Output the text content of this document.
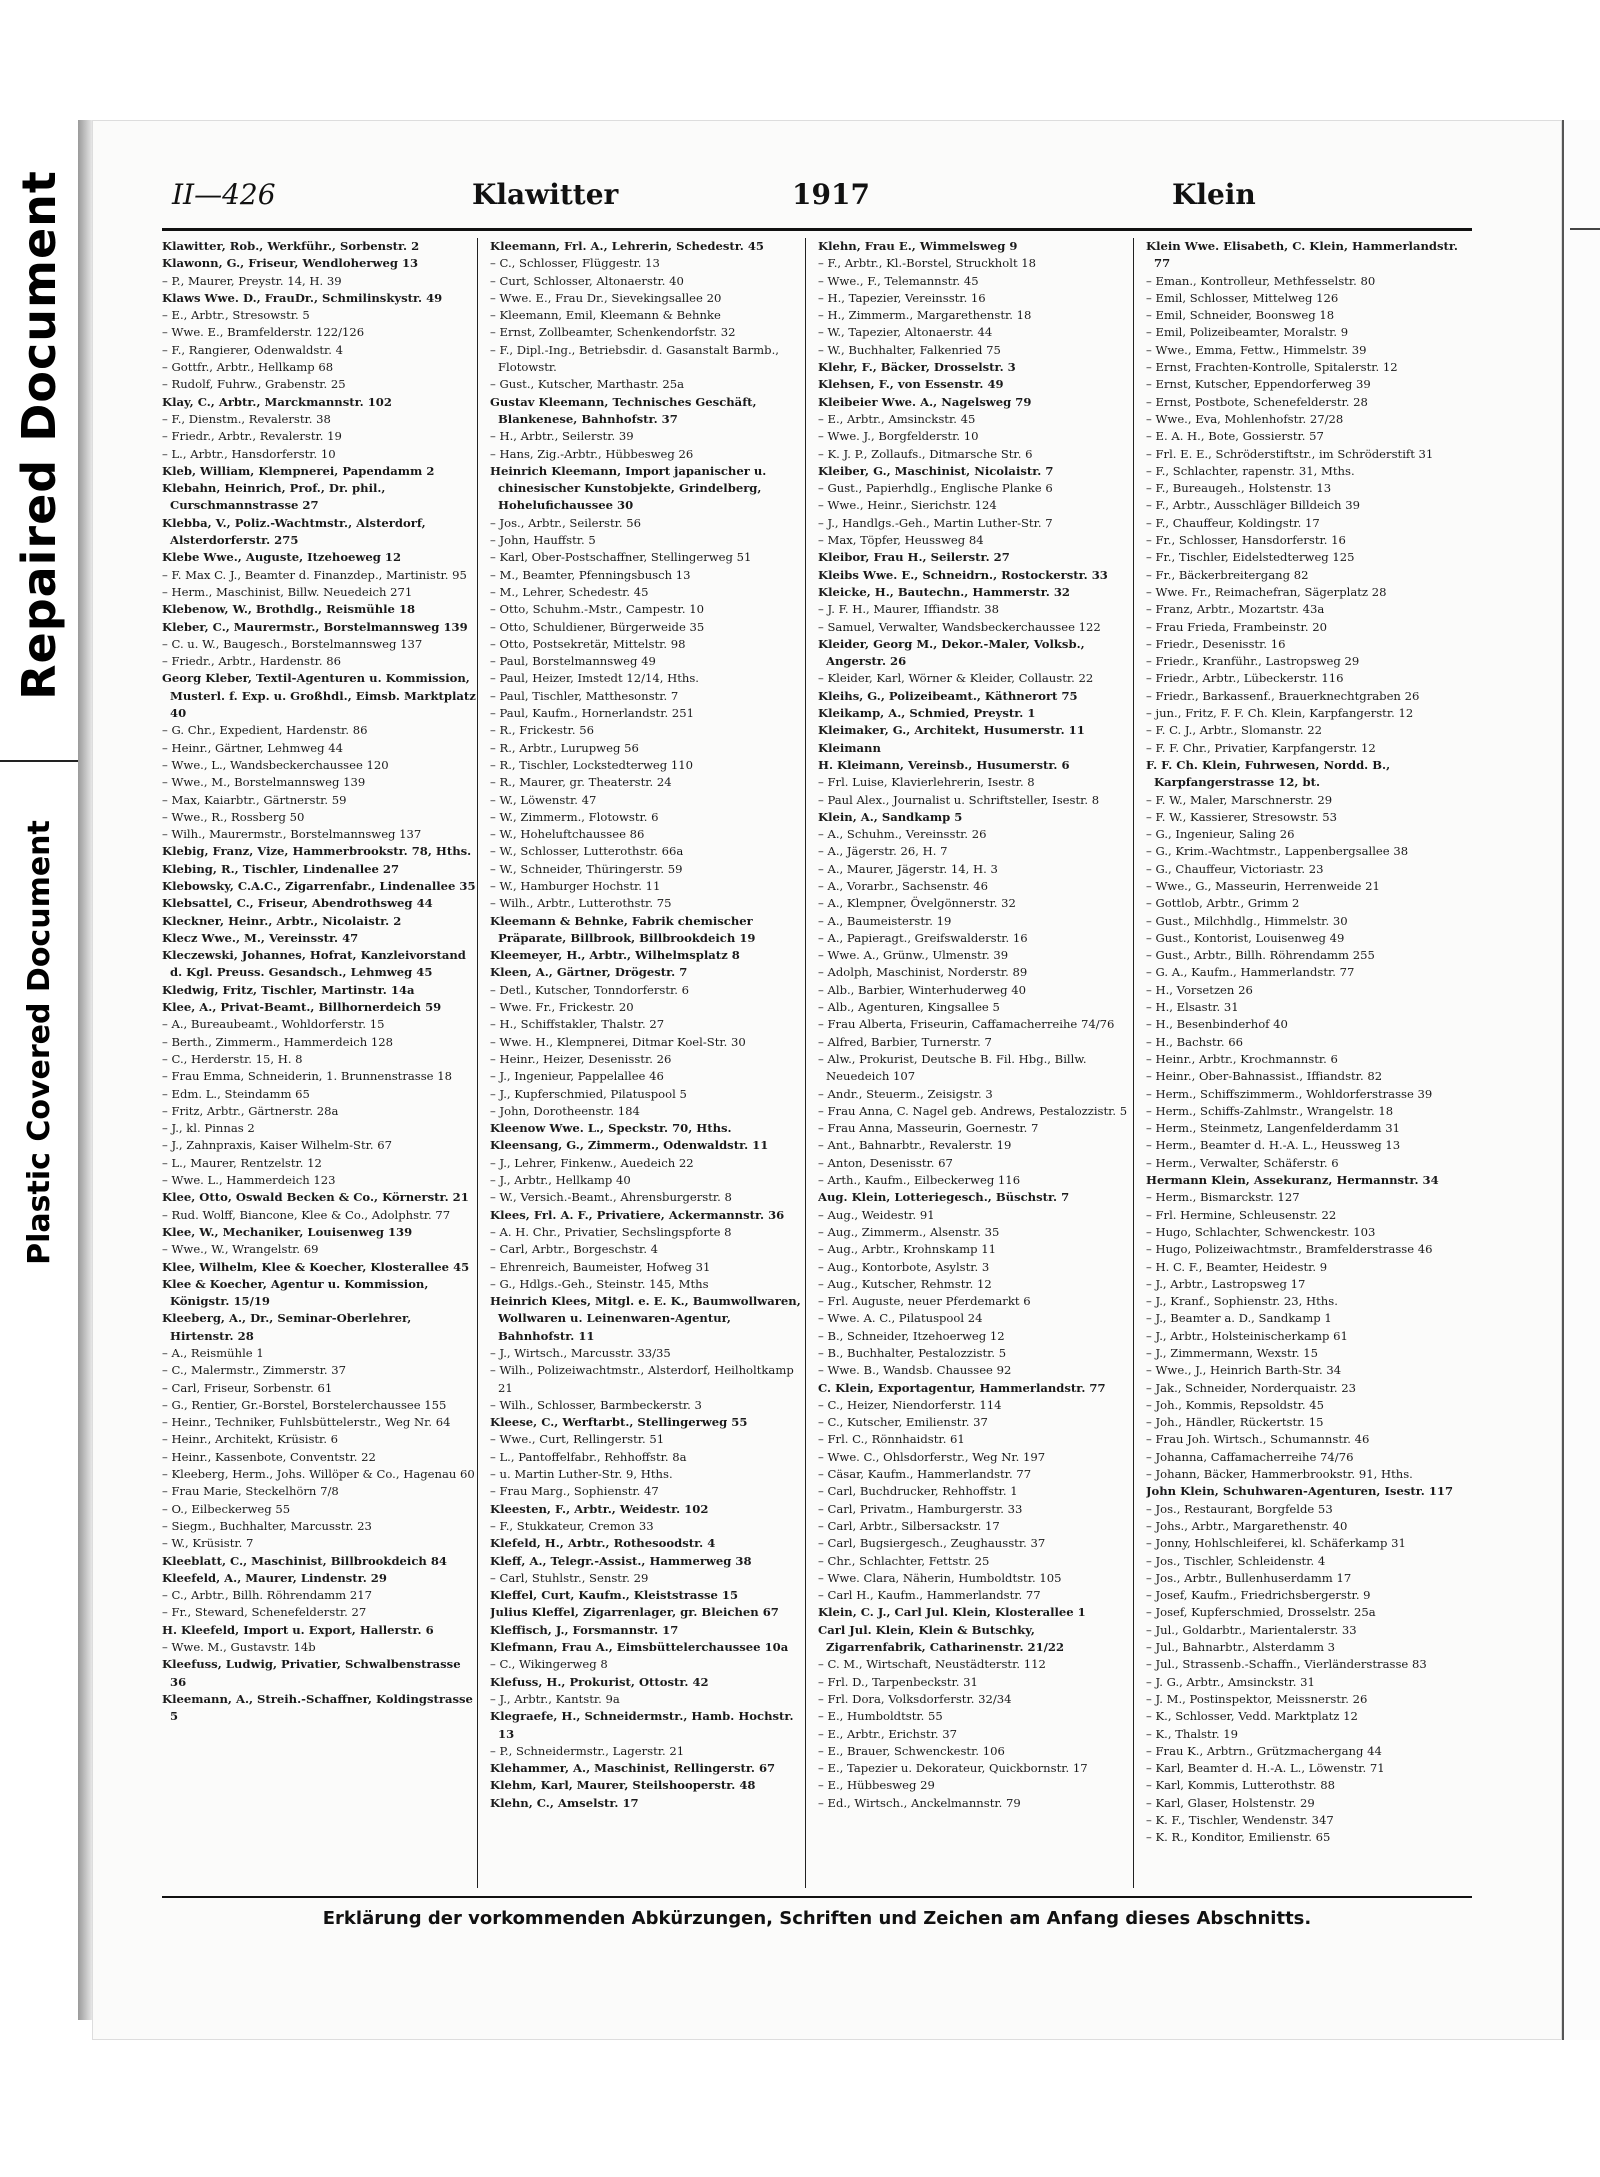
Repaired Document
Plastic Covered Document
II—426	Klawitter	1917	Klein

Klawitter, Rob., Werkführ., Sorbenstr. 2

Klawonn, G., Friseur, Wendloherweg 13

– P., Maurer, Preystr. 14, H. 39

Klaws Wwe. D., FrauDr., Schmilinskystr. 49

– E., Arbtr., Stresowstr. 5

– Wwe. E., Bramfelderstr. 122/126

– F., Rangierer, Odenwaldstr. 4

– Gottfr., Arbtr., Hellkamp 68

– Rudolf, Fuhrw., Grabenstr. 25

Klay, C., Arbtr., Marckmannstr. 102

– F., Dienstm., Revalerstr. 38

– Friedr., Arbtr., Revalerstr. 19

– L., Arbtr., Hansdorferstr. 10

Kleb, William, Klempnerei, Papendamm 2

Klebahn, Heinrich, Prof., Dr. phil., Curschmannstrasse 27

Klebba, V., Poliz.-Wachtmstr., Alsterdorf, Alsterdorferstr. 275

Klebe Wwe., Auguste, Itzehoeweg 12

– F. Max C. J., Beamter d. Finanzdep., Martinistr. 95

– Herm., Maschinist, Billw. Neuedeich 271

Klebenow, W., Brothdlg., Reismühle 18

Kleber, C., Maurermstr., Borstelmannsweg 139

– C. u. W., Baugesch., Borstelmannsweg 137

– Friedr., Arbtr., Hardenstr. 86

Georg Kleber, Textil-Agenturen u. Kommission, Musterl. f. Exp. u. Großhdl., Eimsb. Marktplatz 40

– G. Chr., Expedient, Hardenstr. 86

– Heinr., Gärtner, Lehmweg 44

– Wwe., L., Wandsbeckerchaussee 120

– Wwe., M., Borstelmannsweg 139

– Max, Kaiarbtr., Gärtnerstr. 59

– Wwe., R., Rossberg 50

– Wilh., Maurermstr., Borstelmannsweg 137

Klebig, Franz, Vize, Hammerbrookstr. 78, Hths.

Klebing, R., Tischler, Lindenallee 27

Klebowsky, C.A.C., Zigarrenfabr., Lindenallee 35

Klebsattel, C., Friseur, Abendrothsweg 44

Kleckner, Heinr., Arbtr., Nicolaistr. 2

Klecz Wwe., M., Vereinsstr. 47

Kleczewski, Johannes, Hofrat, Kanzleivorstand d. Kgl. Preuss. Gesandsch., Lehmweg 45

Kledwig, Fritz, Tischler, Martinstr. 14a

Klee, A., Privat-Beamt., Billhornerdeich 59

– A., Bureaubeamt., Wohldorferstr. 15

– Berth., Zimmerm., Hammerdeich 128

– C., Herderstr. 15, H. 8

– Frau Emma, Schneiderin, 1. Brunnenstrasse 18

– Edm. L., Steindamm 65

– Fritz, Arbtr., Gärtnerstr. 28a

– J., kl. Pinnas 2

– J., Zahnpraxis, Kaiser Wilhelm-Str. 67

– L., Maurer, Rentzelstr. 12

– Wwe. L., Hammerdeich 123

Klee, Otto, Oswald Becken & Co., Körnerstr. 21

– Rud. Wolff, Biancone, Klee & Co., Adolphstr. 77

Klee, W., Mechaniker, Louisenweg 139

– Wwe., W., Wrangelstr. 69

Klee, Wilhelm, Klee & Koecher, Klosterallee 45

Klee & Koecher, Agentur u. Kommission, Königstr. 15/19

Kleeberg, A., Dr., Seminar-Oberlehrer, Hirtenstr. 28

– A., Reismühle 1

– C., Malermstr., Zimmerstr. 37

– Carl, Friseur, Sorbenstr. 61

– G., Rentier, Gr.-Borstel, Borstelerchaussee 155

– Heinr., Techniker, Fuhlsbüttelerstr., Weg Nr. 64

– Heinr., Architekt, Krüsistr. 6

– Heinr., Kassenbote, Conventstr. 22

– Kleeberg, Herm., Johs. Willöper & Co., Hagenau 60

– Frau Marie, Steckelhörn 7/8

– O., Eilbeckerweg 55

– Siegm., Buchhalter, Marcusstr. 23

– W., Krüsistr. 7

Kleeblatt, C., Maschinist, Billbrookdeich 84

Kleefeld, A., Maurer, Lindenstr. 29

– C., Arbtr., Billh. Röhrendamm 217

– Fr., Steward, Schenefelderstr. 27

H. Kleefeld, Import u. Export, Hallerstr. 6

– Wwe. M., Gustavstr. 14b

Kleefuss, Ludwig, Privatier, Schwalbenstrasse 36

Kleemann, A., Streih.-Schaffner, Koldingstrasse 5

Kleemann, Frl. A., Lehrerin, Schedestr. 45

– C., Schlosser, Flüggestr. 13

– Curt, Schlosser, Altonaerstr. 40

– Wwe. E., Frau Dr., Sievekingsallee 20

– Kleemann, Emil, Kleemann & Behnke

– Ernst, Zollbeamter, Schenkendorfstr. 32

– F., Dipl.-Ing., Betriebsdir. d. Gasanstalt Barmb., Flotowstr.

– Gust., Kutscher, Marthastr. 25a

Gustav Kleemann, Technisches Geschäft, Blankenese, Bahnhofstr. 37

– H., Arbtr., Seilerstr. 39

– Hans, Zig.-Arbtr., Hübbesweg 26

Heinrich Kleemann, Import japanischer u. chinesischer Kunstobjekte, Grindelberg, Hohelufichaussee 30

– Jos., Arbtr., Seilerstr. 56

– John, Hauffstr. 5

– Karl, Ober-Postschaffner, Stellingerweg 51

– M., Beamter, Pfenningsbusch 13

– M., Lehrer, Schedestr. 45

– Otto, Schuhm.-Mstr., Campestr. 10

– Otto, Schuldiener, Bürgerweide 35

– Otto, Postsekretär, Mittelstr. 98

– Paul, Borstelmannsweg 49

– Paul, Heizer, Imstedt 12/14, Hths.

– Paul, Tischler, Matthesonstr. 7

– Paul, Kaufm., Hornerlandstr. 251

– R., Frickestr. 56

– R., Arbtr., Lurupweg 56

– R., Tischler, Lockstedterweg 110

– R., Maurer, gr. Theaterstr. 24

– W., Löwenstr. 47

– W., Zimmerm., Flotowstr. 6

– W., Hoheluftchaussee 86

– W., Schlosser, Lutterothstr. 66a

– W., Schneider, Thüringerstr. 59

– W., Hamburger Hochstr. 11

– Wilh., Arbtr., Lutterothstr. 75

Kleemann & Behnke, Fabrik chemischer Präparate, Billbrook, Billbrookdeich 19

Kleemeyer, H., Arbtr., Wilhelmsplatz 8

Kleen, A., Gärtner, Drögestr. 7

– Detl., Kutscher, Tonndorferstr. 6

– Wwe. Fr., Frickestr. 20

– H., Schiffstakler, Thalstr. 27

– Wwe. H., Klempnerei, Ditmar Koel-Str. 30

– Heinr., Heizer, Desenisstr. 26

– J., Ingenieur, Pappelallee 46

– J., Kupferschmied, Pilatuspool 5

– John, Dorotheenstr. 184

Kleenow Wwe. L., Speckstr. 70, Hths.

Kleensang, G., Zimmerm., Odenwaldstr. 11

– J., Lehrer, Finkenw., Auedeich 22

– J., Arbtr., Hellkamp 40

– W., Versich.-Beamt., Ahrensburgerstr. 8

Klees, Frl. A. F., Privatiere, Ackermannstr. 36

– A. H. Chr., Privatier, Sechslingspforte 8

– Carl, Arbtr., Borgeschstr. 4

– Ehrenreich, Baumeister, Hofweg 31

– G., Hdlgs.-Geh., Steinstr. 145, Mths

Heinrich Klees, Mitgl. e. E. K., Baumwollwaren, Wollwaren u. Leinenwaren-Agentur, Bahnhofstr. 11

– J., Wirtsch., Marcusstr. 33/35

– Wilh., Polizeiwachtmstr., Alsterdorf, Heilholtkamp 21

– Wilh., Schlosser, Barmbeckerstr. 3

Kleese, C., Werftarbt., Stellingerweg 55

– Wwe., Curt, Rellingerstr. 51

– L., Pantoffelfabr., Rehhoffstr. 8a

– u. Martin Luther-Str. 9, Hths.

– Frau Marg., Sophienstr. 47

Kleesten, F., Arbtr., Weidestr. 102

– F., Stukkateur, Cremon 33

Klefeld, H., Arbtr., Rothesoodstr. 4

Kleff, A., Telegr.-Assist., Hammerweg 38

– Carl, Stuhlstr., Senstr. 29

Kleffel, Curt, Kaufm., Kleiststrasse 15

Julius Kleffel, Zigarrenlager, gr. Bleichen 67

Kleffisch, J., Forsmannstr. 17

Klefmann, Frau A., Eimsbüttelerchaussee 10a

– C., Wikingerweg 8

Klefuss, H., Prokurist, Ottostr. 42

– J., Arbtr., Kantstr. 9a

Klegraefe, H., Schneidermstr., Hamb. Hochstr. 13

– P., Schneidermstr., Lagerstr. 21

Klehammer, A., Maschinist, Rellingerstr. 67

Klehm, Karl, Maurer, Steilshooperstr. 48

Klehn, C., Amselstr. 17

Klehn, Frau E., Wimmelsweg 9

– F., Arbtr., Kl.-Borstel, Struckholt 18

– Wwe., F., Telemannstr. 45

– H., Tapezier, Vereinsstr. 16

– H., Zimmerm., Margarethenstr. 18

– W., Tapezier, Altonaerstr. 44

– W., Buchhalter, Falkenried 75

Klehr, F., Bäcker, Drosselstr. 3

Klehsen, F., von Essenstr. 49

Kleibeier Wwe. A., Nagelsweg 79

– E., Arbtr., Amsinckstr. 45

– Wwe. J., Borgfelderstr. 10

– K. J. P., Zollaufs., Ditmarsche Str. 6

Kleiber, G., Maschinist, Nicolaistr. 7

– Gust., Papierhdlg., Englische Planke 6

– Wwe., Heinr., Sierichstr. 124

– J., Handlgs.-Geh., Martin Luther-Str. 7

– Max, Töpfer, Heussweg 84

Kleibor, Frau H., Seilerstr. 27

Kleibs Wwe. E., Schneidrn., Rostockerstr. 33

Kleicke, H., Bautechn., Hammerstr. 32

– J. F. H., Maurer, Iffiandstr. 38

– Samuel, Verwalter, Wandsbeckerchaussee 122

Kleider, Georg M., Dekor.-Maler, Volksb., Angerstr. 26

– Kleider, Karl, Wörner & Kleider, Collaustr. 22

Kleihs, G., Polizeibeamt., Käthnerort 75

Kleikamp, A., Schmied, Preystr. 1

Kleimaker, G., Architekt, Husumerstr. 11

Kleimann

H. Kleimann, Vereinsb., Husumerstr. 6

– Frl. Luise, Klavierlehrerin, Isestr. 8

– Paul Alex., Journalist u. Schriftsteller, Isestr. 8

Klein, A., Sandkamp 5

– A., Schuhm., Vereinsstr. 26

– A., Jägerstr. 26, H. 7

– A., Maurer, Jägerstr. 14, H. 3

– A., Vorarbr., Sachsenstr. 46

– A., Klempner, Övelgönnerstr. 32

– A., Baumeisterstr. 19

– A., Papieragt., Greifswalderstr. 16

– Wwe. A., Grünw., Ulmenstr. 39

– Adolph, Maschinist, Norderstr. 89

– Alb., Barbier, Winterhuderweg 40

– Alb., Agenturen, Kingsallee 5

– Frau Alberta, Friseurin, Caffamacherreihe 74/76

– Alfred, Barbier, Turnerstr. 7

– Alw., Prokurist, Deutsche B. Fil. Hbg., Billw. Neuedeich 107

– Andr., Steuerm., Zeisigstr. 3

– Frau Anna, C. Nagel geb. Andrews, Pestalozzistr. 5

– Frau Anna, Masseurin, Goernestr. 7

– Ant., Bahnarbtr., Revalerstr. 19

– Anton, Desenisstr. 67

– Arth., Kaufm., Eilbeckerweg 116

Aug. Klein, Lotteriegesch., Büschstr. 7

– Aug., Weidestr. 91

– Aug., Zimmerm., Alsenstr. 35

– Aug., Arbtr., Krohnskamp 11

– Aug., Kontorbote, Asylstr. 3

– Aug., Kutscher, Rehmstr. 12

– Frl. Auguste, neuer Pferdemarkt 6

– Wwe. A. C., Pilatuspool 24

– B., Schneider, Itzehoerweg 12

– B., Buchhalter, Pestalozzistr. 5

– Wwe. B., Wandsb. Chaussee 92

C. Klein, Exportagentur, Hammerlandstr. 77

– C., Heizer, Niendorferstr. 114

– C., Kutscher, Emilienstr. 37

– Frl. C., Rönnhaidstr. 61

– Wwe. C., Ohlsdorferstr., Weg Nr. 197

– Cäsar, Kaufm., Hammerlandstr. 77

– Carl, Buchdrucker, Rehhoffstr. 1

– Carl, Privatm., Hamburgerstr. 33

– Carl, Arbtr., Silbersackstr. 17

– Carl, Bugsiergesch., Zeughausstr. 37

– Chr., Schlachter, Fettstr. 25

– Wwe. Clara, Näherin, Humboldtstr. 105

– Carl H., Kaufm., Hammerlandstr. 77

Klein, C. J., Carl Jul. Klein, Klosterallee 1

Carl Jul. Klein, Klein & Butschky, Zigarrenfabrik, Catharinenstr. 21/22

– C. M., Wirtschaft, Neustädterstr. 112

– Frl. D., Tarpenbeckstr. 31

– Frl. Dora, Volksdorferstr. 32/34

– E., Humboldtstr. 55

– E., Arbtr., Erichstr. 37

– E., Brauer, Schwenckestr. 106

– E., Tapezier u. Dekorateur, Quickbornstr. 17

– E., Hübbesweg 29

– Ed., Wirtsch., Anckelmannstr. 79

Klein Wwe. Elisabeth, C. Klein, Hammerlandstr. 77

– Eman., Kontrolleur, Methfesselstr. 80

– Emil, Schlosser, Mittelweg 126

– Emil, Schneider, Boonsweg 18

– Emil, Polizeibeamter, Moralstr. 9

– Wwe., Emma, Fettw., Himmelstr. 39

– Ernst, Frachten-Kontrolle, Spitalerstr. 12

– Ernst, Kutscher, Eppendorferweg 39

– Ernst, Postbote, Schenefelderstr. 28

– Wwe., Eva, Mohlenhofstr. 27/28

– E. A. H., Bote, Gossierstr. 57

– Frl. E. E., Schröderstiftstr., im Schröderstift 31

– F., Schlachter, rapenstr. 31, Mths.

– F., Bureaugeh., Holstenstr. 13

– F., Arbtr., Ausschläger Billdeich 39

– F., Chauffeur, Koldingstr. 17

– Fr., Schlosser, Hansdorferstr. 16

– Fr., Tischler, Eidelstedterweg 125

– Fr., Bäckerbreitergang 82

– Wwe. Fr., Reimachefran, Sägerplatz 28

– Franz, Arbtr., Mozartstr. 43a

– Frau Frieda, Frambeinstr. 20

– Friedr., Desenisstr. 16

– Friedr., Kranführ., Lastropsweg 29

– Friedr., Arbtr., Lübeckerstr. 116

– Friedr., Barkassenf., Brauerknechtgraben 26

– jun., Fritz, F. F. Ch. Klein, Karpfangerstr. 12

– F. C. J., Arbtr., Slomanstr. 22

– F. F. Chr., Privatier, Karpfangerstr. 12

F. F. Ch. Klein, Fuhrwesen, Nordd. B., Karpfangerstrasse 12, bt.

– F. W., Maler, Marschnerstr. 29

– F. W., Kassierer, Stresowstr. 53

– G., Ingenieur, Saling 26

– G., Krim.-Wachtmstr., Lappenbergsallee 38

– G., Chauffeur, Victoriastr. 23

– Wwe., G., Masseurin, Herrenweide 21

– Gottlob, Arbtr., Grimm 2

– Gust., Milchhdlg., Himmelstr. 30

– Gust., Kontorist, Louisenweg 49

– Gust., Arbtr., Billh. Röhrendamm 255

– G. A., Kaufm., Hammerlandstr. 77

– H., Vorsetzen 26

– H., Elsastr. 31

– H., Besenbinderhof 40

– H., Bachstr. 66

– Heinr., Arbtr., Krochmannstr. 6

– Heinr., Ober-Bahnassist., Iffiandstr. 82

– Herm., Schiffszimmerm., Wohldorferstrasse 39

– Herm., Schiffs-Zahlmstr., Wrangelstr. 18

– Herm., Steinmetz, Langenfelderdamm 31

– Herm., Beamter d. H.-A. L., Heussweg 13

– Herm., Verwalter, Schäferstr. 6

Hermann Klein, Assekuranz, Hermannstr. 34

– Herm., Bismarckstr. 127

– Frl. Hermine, Schleusenstr. 22

– Hugo, Schlachter, Schwenckestr. 103

– Hugo, Polizeiwachtmstr., Bramfelderstrasse 46

– H. C. F., Beamter, Heidestr. 9

– J., Arbtr., Lastropsweg 17

– J., Kranf., Sophienstr. 23, Hths.

– J., Beamter a. D., Sandkamp 1

– J., Arbtr., Holsteinischerkamp 61

– J., Zimmermann, Wexstr. 15

– Wwe., J., Heinrich Barth-Str. 34

– Jak., Schneider, Norderquaistr. 23

– Joh., Kommis, Repsoldstr. 45

– Joh., Händler, Rückertstr. 15

– Frau Joh. Wirtsch., Schumannstr. 46

– Johanna, Caffamacherreihe 74/76

– Johann, Bäcker, Hammerbrookstr. 91, Hths.

John Klein, Schuhwaren-Agenturen, Isestr. 117

– Jos., Restaurant, Borgfelde 53

– Johs., Arbtr., Margarethenstr. 40

– Jonny, Hohlschleiferei, kl. Schäferkamp 31

– Jos., Tischler, Schleidenstr. 4

– Jos., Arbtr., Bullenhuserdamm 17

– Josef, Kaufm., Friedrichsbergerstr. 9

– Josef, Kupferschmied, Drosselstr. 25a

– Jul., Goldarbtr., Marientalerstr. 33

– Jul., Bahnarbtr., Alsterdamm 3

– Jul., Strassenb.-Schaffn., Vierländerstrasse 83

– J. G., Arbtr., Amsinckstr. 31

– J. M., Postinspektor, Meissnerstr. 26

– K., Schlosser, Vedd. Marktplatz 12

– K., Thalstr. 19

– Frau K., Arbtrn., Grützmachergang 44

– Karl, Beamter d. H.-A. L., Löwenstr. 71

– Karl, Kommis, Lutterothstr. 88

– Karl, Glaser, Holstenstr. 29

– K. F., Tischler, Wendenstr. 347

– K. R., Konditor, Emilienstr. 65

Erklärung der vorkommenden Abkürzungen, Schriften und Zeichen am Anfang dieses Abschnitts.
